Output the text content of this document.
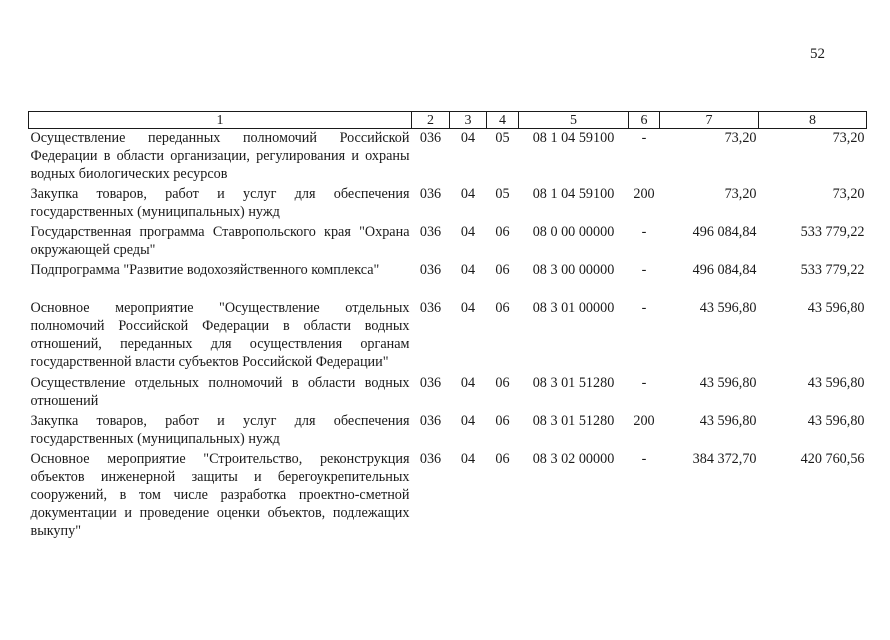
52
1	2	3	4	5	6	7	8
Осуществление переданных полномочий Российской Федерации в области организации, регулирования и охраны водных биологических ресурсов	036	04	05	08 1 04 59100	-	73,20	73,20
Закупка товаров, работ и услуг для обеспечения государственных (муниципальных) нужд	036	04	05	08 1 04 59100	200	73,20	73,20
Государственная программа Ставропольского края "Охрана окружающей среды"	036	04	06	08 0 00 00000	-	496 084,84	533 779,22
Подпрограмма "Развитие водохозяйственного комплекса"	036	04	06	08 3 00 00000	-	496 084,84	533 779,22
Основное мероприятие "Осуществление отдельных полномочий Российской Федерации в области водных отношений, переданных для осуществления органам государственной власти субъектов Российской Федерации"	036	04	06	08 3 01 00000	-	43 596,80	43 596,80
Осуществление отдельных полномочий в области водных отношений	036	04	06	08 3 01 51280	-	43 596,80	43 596,80
Закупка товаров, работ и услуг для обеспечения государственных (муниципальных) нужд	036	04	06	08 3 01 51280	200	43 596,80	43 596,80
Основное мероприятие "Строительство, реконструкция объектов инженерной защиты и берегоукрепительных сооружений, в том числе разработка проектно-сметной документации и проведение оценки объектов, подлежащих выкупу"	036	04	06	08 3 02 00000	-	384 372,70	420 760,56
